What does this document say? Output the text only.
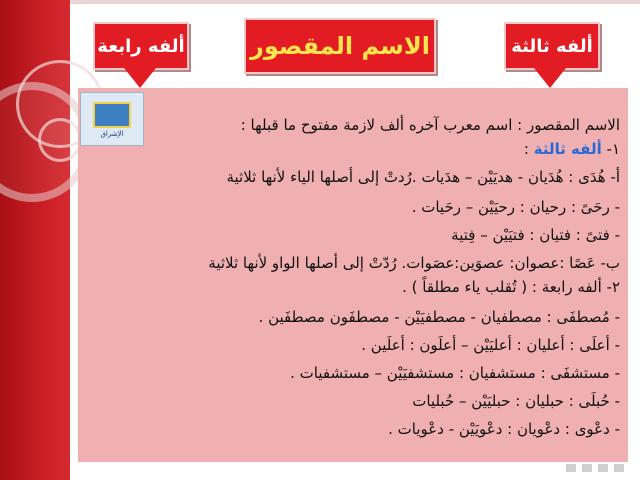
ألفه رابعة	الاسم المقصور	ألفه ثالثة
الإشراق	الاسم المقصور : اسم معرب آخره ألف لازمة مفتوح ما قبلها :
١- ألفه ثالثة :
أ- هُدَى : هُدَيان - هديَيْن – هدَيات .رُدتْ إلى أصلها الياء لأنها ثلاثية
- رحَىً : رحيان : رحيَيْن – رحَيات .
- فتىً : فتيان : فتيَيْن – فِتية
ب- عَصًا :عصوان: عصوَين:عصَوات. رُدّتْ إلى أصلها الواو لأنها ثلاثية
٢- ألفه رابعة : ( تُقلب ياء مطلقاً ) .
- مُصطفَى : مصطفيان - مصطفيَيْن - مصطفَون مصطفَين .
- أعلَى : أعليان : أعليَيْن – أعلَون : أعلَين .
- مستشفَى : مستشفيان : مستشفيَيْن – مستشفيات .
- حُبلَى : حبليان : حبليَيْن – حُبليات
- دعْوى : دعْويان : دعْويَيْن - دعْويات .
